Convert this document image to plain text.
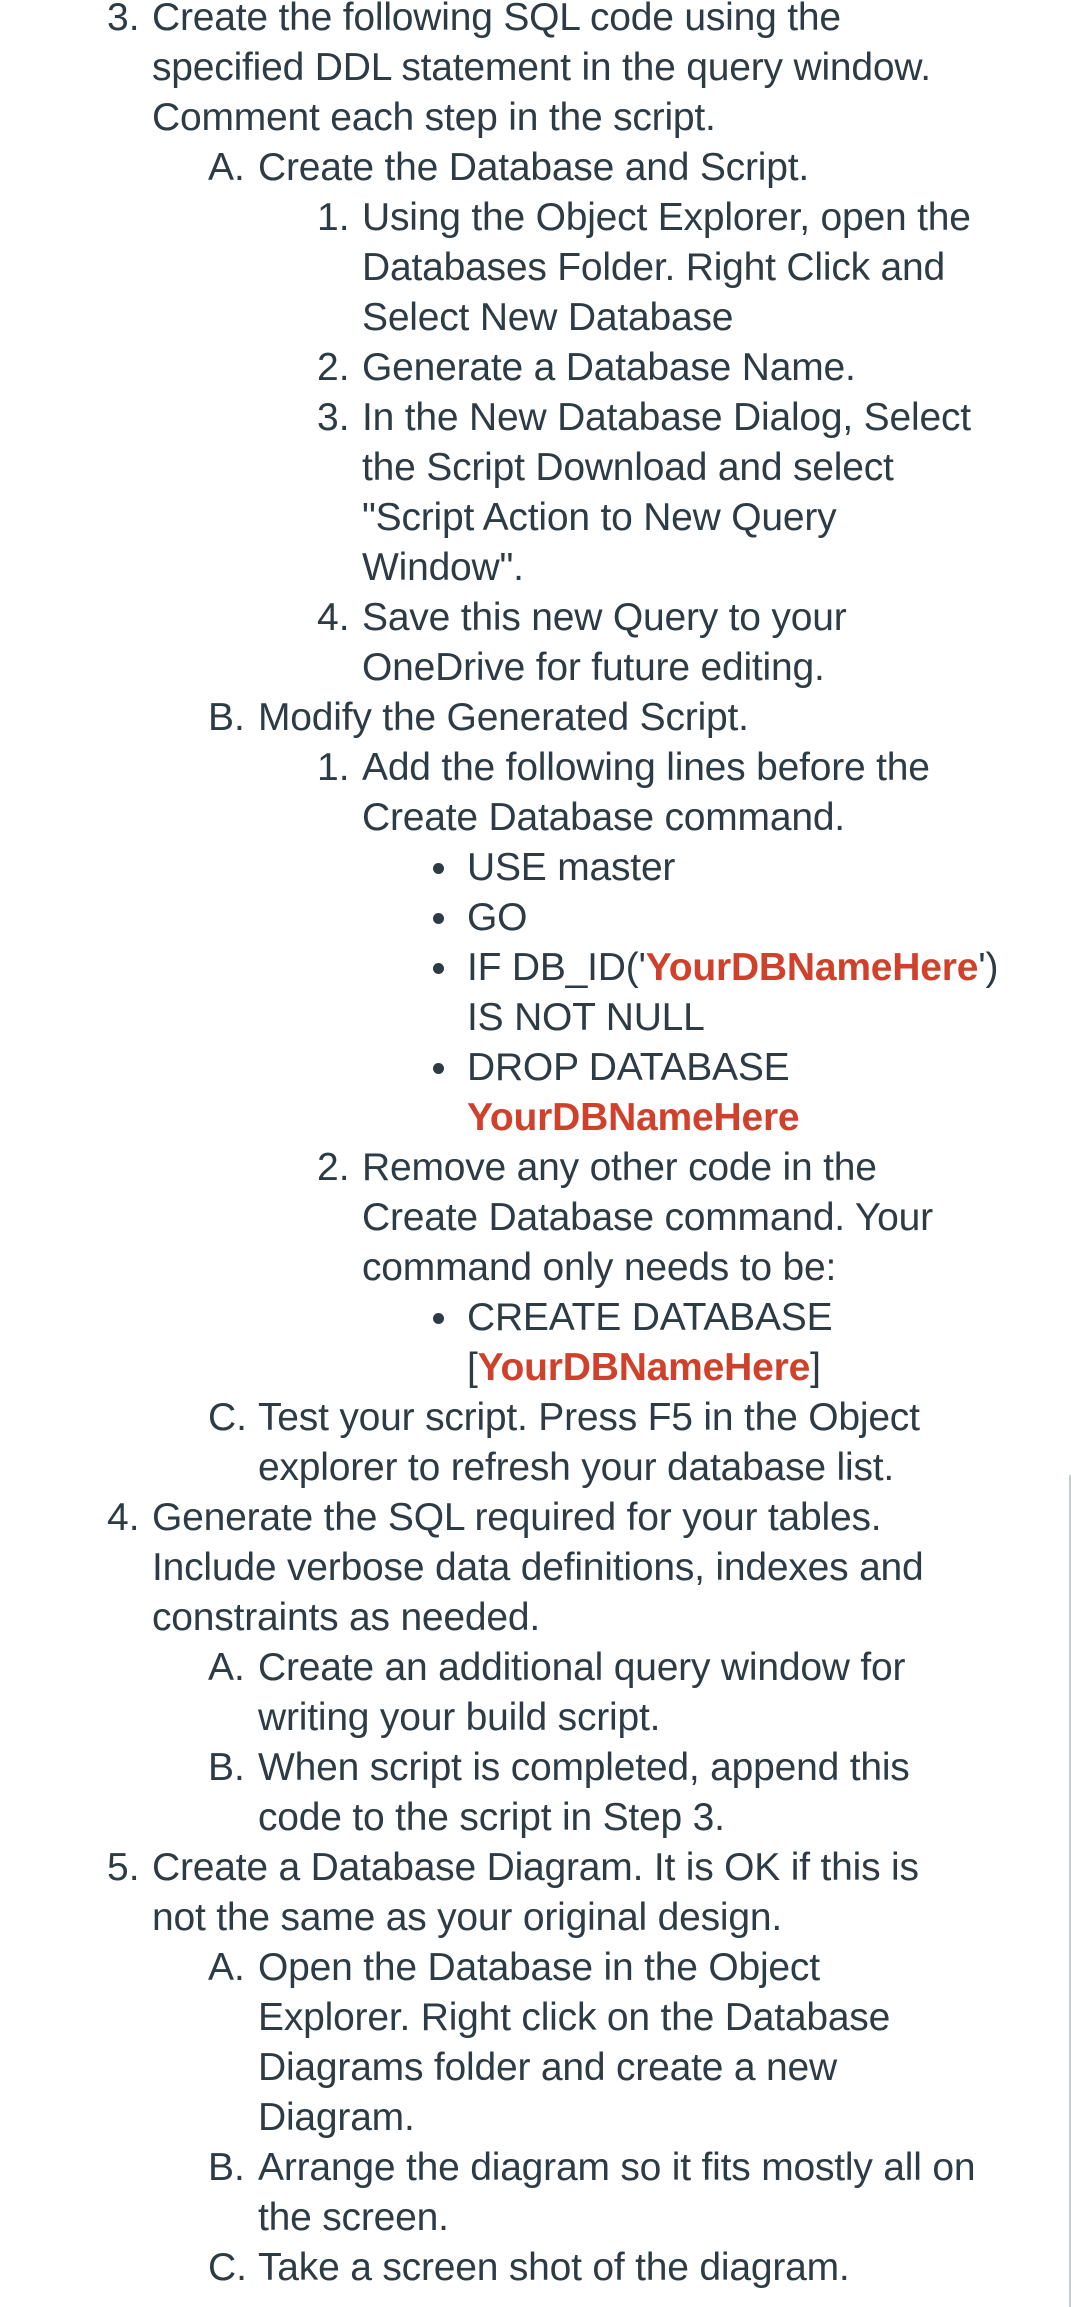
3. Create the following SQL code using the
specified DDL statement in the query window.
Comment each step in the script.
A. Create the Database and Script.
1. Using the Object Explorer, open the
Databases Folder. Right Click and
Select New Database
2. Generate a Database Name.
3. In the New Database Dialog, Select
the Script Download and select
"Script Action to New Query
Window".
4. Save this new Query to your
OneDrive for future editing.
B. Modify the Generated Script.
1. Add the following lines before the
Create Database command.
USE master
GO
IF DB_ID('YourDBNameHere')
IS NOT NULL
DROP DATABASE
YourDBNameHere
2. Remove any other code in the
Create Database command. Your
command only needs to be:
CREATE DATABASE
[YourDBNameHere]
C. Test your script. Press F5 in the Object
explorer to refresh your database list.
4. Generate the SQL required for your tables.
Include verbose data definitions, indexes and
constraints as needed.
A. Create an additional query window for
writing your build script.
B. When script is completed, append this
code to the script in Step 3.
5. Create a Database Diagram. It is OK if this is
not the same as your original design.
A. Open the Database in the Object
Explorer. Right click on the Database
Diagrams folder and create a new
Diagram.
B. Arrange the diagram so it fits mostly all on
the screen.
C. Take a screen shot of the diagram.
